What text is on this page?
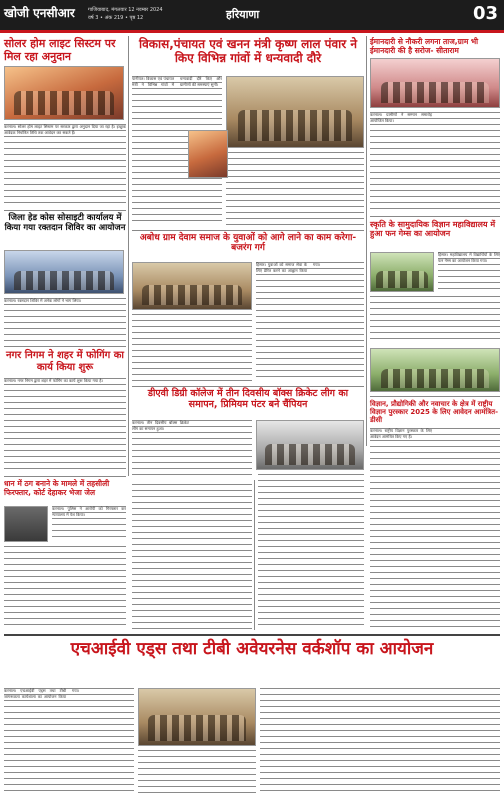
खोजी एनसीआर	गाजियाबाद, मंगलवार 12 नवम्बर 2024
वर्ष 3 • अंक 219 • पृष्ठ 12	हरियाणा	03
सोलर होम लाइट सिस्टम पर मिल रहा अनुदान
करनाल। सोलर होम लाइट सिस्टम पर सरकार द्वारा अनुदान दिया जा रहा है। इच्छुक आवेदक निर्धारित तिथि तक आवेदन कर सकते हैं।
विकास,पंचायत एवं खनन मंत्री कृष्ण लाल पंवार ने किए विभिन्न गांवों में धन्यवादी दौरे
पानीपत। विकास एवं पंचायत मंत्री ने विभिन्न गांवों में धन्यवादी दौरे किए और ग्रामीणों की समस्याएं सुनीं।
ईमानदारी से नौकरी लगना ताज,ग्राम भी ईमानदारी की है सरोज- सीताराम
करनाल। ग्रामीणों ने सम्मान समारोह आयोजित किया।
जिला हेड कोस सोसाइटी कार्यालय में किया गया रक्तदान शिविर का आयोजन
करनाल। रक्तदान शिविर में अनेक लोगों ने भाग लिया।
अबोध ग्राम देवाम समाज के युवाओं को आगे लाने का काम करेगा- बजरंग गर्ग
हिसार। युवाओं को समाज सेवा के लिए प्रेरित करने का आह्वान किया गया।
स्कृति के सामुदायिक विज्ञान महाविद्यालय में हुआ फन गेम्स का आयोजन
हिसार। महाविद्यालय में विद्यार्थियों के लिए फन गेम्स का आयोजन किया गया।
नगर निगम ने शहर में फोगिंग का कार्य किया शुरू
करनाल। नगर निगम द्वारा शहर में फोगिंग का कार्य शुरू किया गया है।
डीएवी डिग्री कॉलेज में तीन दिवसीय बॉक्स क्रिकेट लीग का समापन, प्रिमियम पंटर बने चैंपियन
करनाल। तीन दिवसीय बॉक्स क्रिकेट लीग का समापन हुआ।
विज्ञान, प्रौद्योगिकी और नवाचार के क्षेत्र में राष्ट्रीय विज्ञान पुरस्कार 2025 के लिए आवेदन आमंत्रित-डीसी
करनाल। राष्ट्रीय विज्ञान पुरस्कार के लिए आवेदन आमंत्रित किए गए हैं।
धान में ठग बनाने के मामले में तहसीली फिरफ्तार, कोर्ट देहाकर भेजा जेल
करनाल। पुलिस ने आरोपी को गिरफ्तार कर न्यायालय में पेश किया।
एचआईवी एड्स तथा टीबी अवेयरनेस वर्कशॉप का आयोजन
करनाल। एचआईवी एड्स तथा टीबी जागरूकता कार्यशाला का आयोजन किया गया।
